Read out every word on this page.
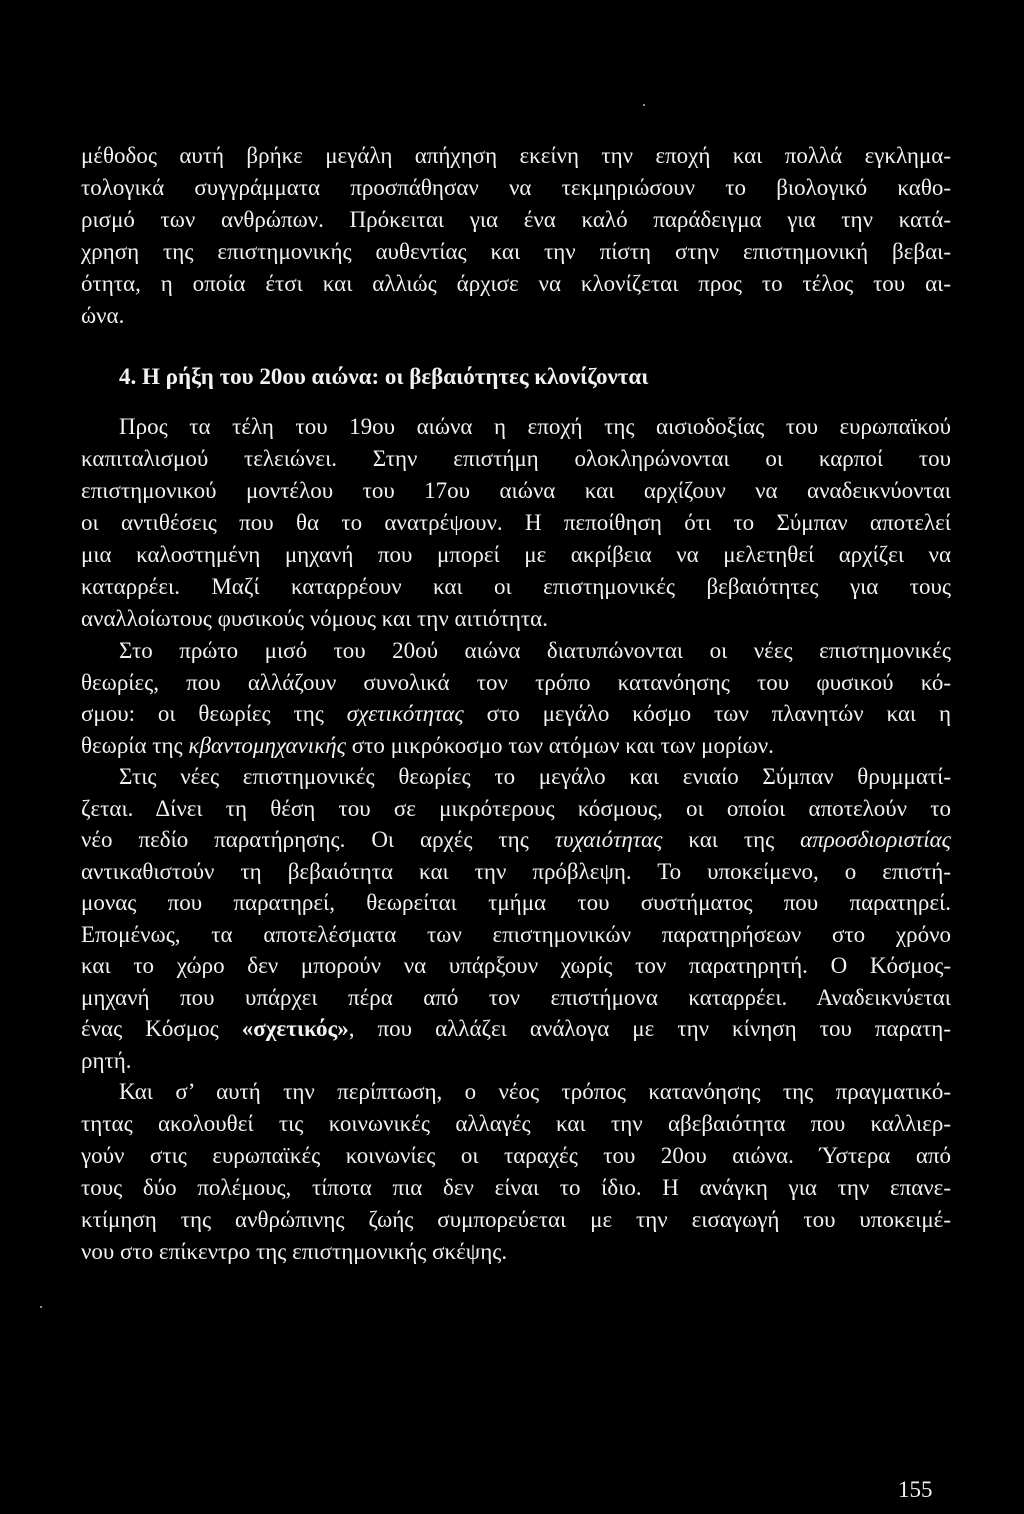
μέθοδος αυτή βρήκε μεγάλη απήχηση εκείνη την εποχή και πολλά εγκλημα-
τολογικά συγγράμματα προσπάθησαν να τεκμηριώσουν το βιολογικό καθο-
ρισμό των ανθρώπων. Πρόκειται για ένα καλό παράδειγμα για την κατά-
χρηση της επιστημονικής αυθεντίας και την πίστη στην επιστημονική βεβαι-
ότητα, η οποία έτσι και αλλιώς άρχισε να κλονίζεται προς το τέλος του αι-
ώνα.
4. Η ρήξη του 20ου αιώνα: οι βεβαιότητες κλονίζονται
Προς τα τέλη του 19ου αιώνα η εποχή της αισιοδοξίας του ευρωπαϊκού
καπιταλισμού τελειώνει. Στην επιστήμη ολοκληρώνονται οι καρποί του
επιστημονικού μοντέλου του 17ου αιώνα και αρχίζουν να αναδεικνύονται
οι αντιθέσεις που θα το ανατρέψουν. Η πεποίθηση ότι το Σύμπαν αποτελεί
μια καλοστημένη μηχανή που μπορεί με ακρίβεια να μελετηθεί αρχίζει να
καταρρέει. Μαζί καταρρέουν και οι επιστημονικές βεβαιότητες για τους
αναλλοίωτους φυσικούς νόμους και την αιτιότητα.
Στο πρώτο μισό του 20ού αιώνα διατυπώνονται οι νέες επιστημονικές
θεωρίες, που αλλάζουν συνολικά τον τρόπο κατανόησης του φυσικού κό-
σμου: οι θεωρίες της σχετικότητας στο μεγάλο κόσμο των πλανητών και η
θεωρία της κβαντομηχανικής στο μικρόκοσμο των ατόμων και των μορίων.
Στις νέες επιστημονικές θεωρίες το μεγάλο και ενιαίο Σύμπαν θρυμματί-
ζεται. Δίνει τη θέση του σε μικρότερους κόσμους, οι οποίοι αποτελούν το
νέο πεδίο παρατήρησης. Οι αρχές της τυχαιότητας και της απροσδιοριστίας
αντικαθιστούν τη βεβαιότητα και την πρόβλεψη. Το υποκείμενο, ο επιστή-
μονας που παρατηρεί, θεωρείται τμήμα του συστήματος που παρατηρεί.
Επομένως, τα αποτελέσματα των επιστημονικών παρατηρήσεων στο χρόνο
και το χώρο δεν μπορούν να υπάρξουν χωρίς τον παρατηρητή. Ο Κόσμος-
μηχανή που υπάρχει πέρα από τον επιστήμονα καταρρέει. Αναδεικνύεται
ένας Κόσμος «σχετικός», που αλλάζει ανάλογα με την κίνηση του παρατη-
ρητή.
Και σ’ αυτή την περίπτωση, ο νέος τρόπος κατανόησης της πραγματικό-
τητας ακολουθεί τις κοινωνικές αλλαγές και την αβεβαιότητα που καλλιερ-
γούν στις ευρωπαϊκές κοινωνίες οι ταραχές του 20ου αιώνα. Ύστερα από
τους δύο πολέμους, τίποτα πια δεν είναι το ίδιο. Η ανάγκη για την επανε-
κτίμηση της ανθρώπινης ζωής συμπορεύεται με την εισαγωγή του υποκειμέ-
νου στο επίκεντρο της επιστημονικής σκέψης.
155
